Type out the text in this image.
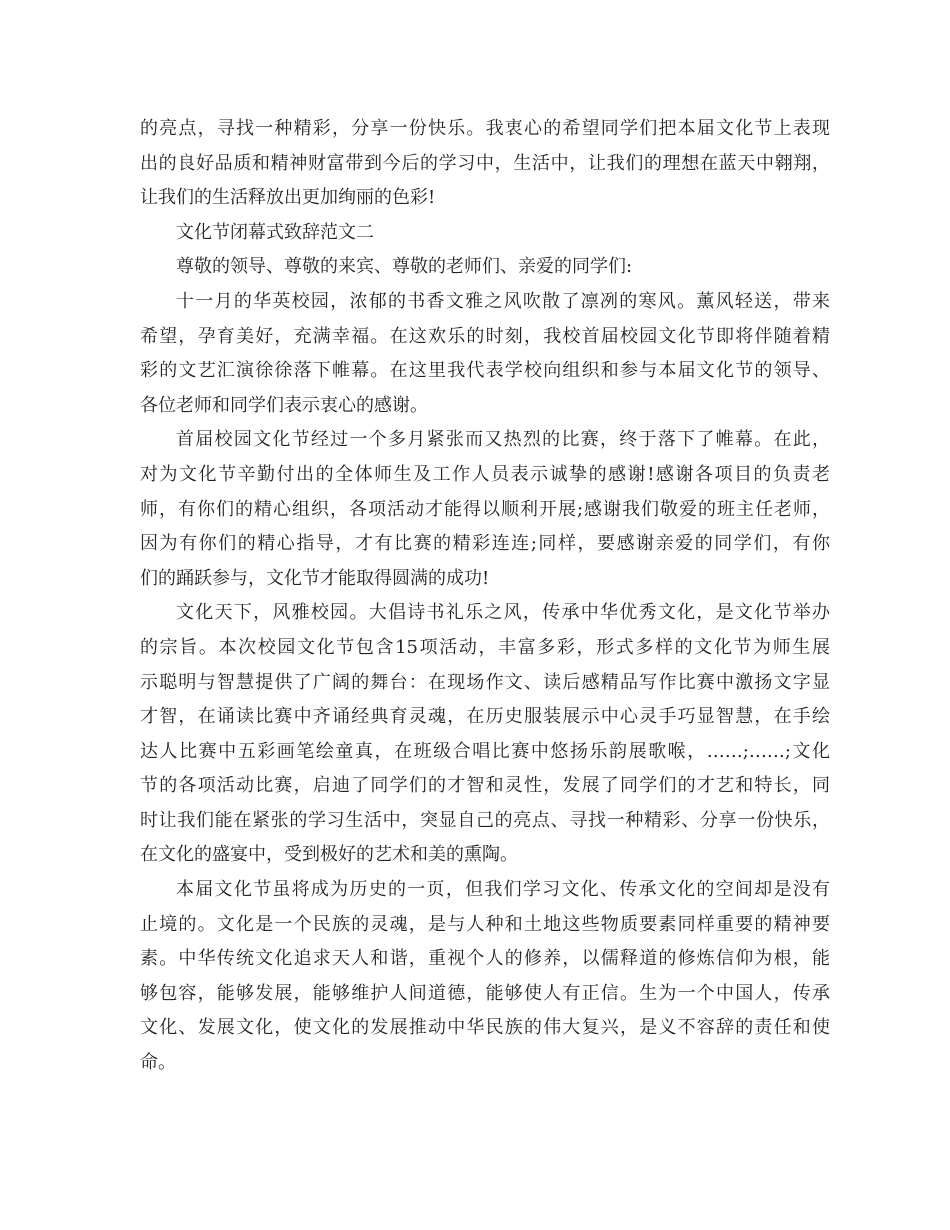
的亮点，寻找一种精彩，分享一份快乐。我衷心的希望同学们把本届文化节上表现
出的良好品质和精神财富带到今后的学习中，生活中，让我们的理想在蓝天中翱翔，
让我们的生活释放出更加绚丽的色彩!
文化节闭幕式致辞范文二
尊敬的领导、尊敬的来宾、尊敬的老师们、亲爱的同学们:
十一月的华英校园，浓郁的书香文雅之风吹散了凛冽的寒风。薰风轻送，带来
希望，孕育美好，充满幸福。在这欢乐的时刻，我校首届校园文化节即将伴随着精
彩的文艺汇演徐徐落下帷幕。在这里我代表学校向组织和参与本届文化节的领导、
各位老师和同学们表示衷心的感谢。
首届校园文化节经过一个多月紧张而又热烈的比赛，终于落下了帷幕。在此，
对为文化节辛勤付出的全体师生及工作人员表示诚挚的感谢!感谢各项目的负责老
师，有你们的精心组织，各项活动才能得以顺利开展;感谢我们敬爱的班主任老师，
因为有你们的精心指导，才有比赛的精彩连连;同样，要感谢亲爱的同学们，有你
们的踊跃参与，文化节才能取得圆满的成功!
文化天下，风雅校园。大倡诗书礼乐之风，传承中华优秀文化，是文化节举办
的宗旨。本次校园文化节包含15项活动，丰富多彩，形式多样的文化节为师生展
示聪明与智慧提供了广阔的舞台：在现场作文、读后感精品写作比赛中激扬文字显
才智，在诵读比赛中齐诵经典育灵魂，在历史服装展示中心灵手巧显智慧，在手绘
达人比赛中五彩画笔绘童真，在班级合唱比赛中悠扬乐韵展歌喉，……;……;文化
节的各项活动比赛，启迪了同学们的才智和灵性，发展了同学们的才艺和特长，同
时让我们能在紧张的学习生活中，突显自己的亮点、寻找一种精彩、分享一份快乐，
在文化的盛宴中，受到极好的艺术和美的熏陶。
本届文化节虽将成为历史的一页，但我们学习文化、传承文化的空间却是没有
止境的。文化是一个民族的灵魂，是与人种和土地这些物质要素同样重要的精神要
素。中华传统文化追求天人和谐，重视个人的修养，以儒释道的修炼信仰为根，能
够包容，能够发展，能够维护人间道德，能够使人有正信。生为一个中国人，传承
文化、发展文化，使文化的发展推动中华民族的伟大复兴，是义不容辞的责任和使
命。
